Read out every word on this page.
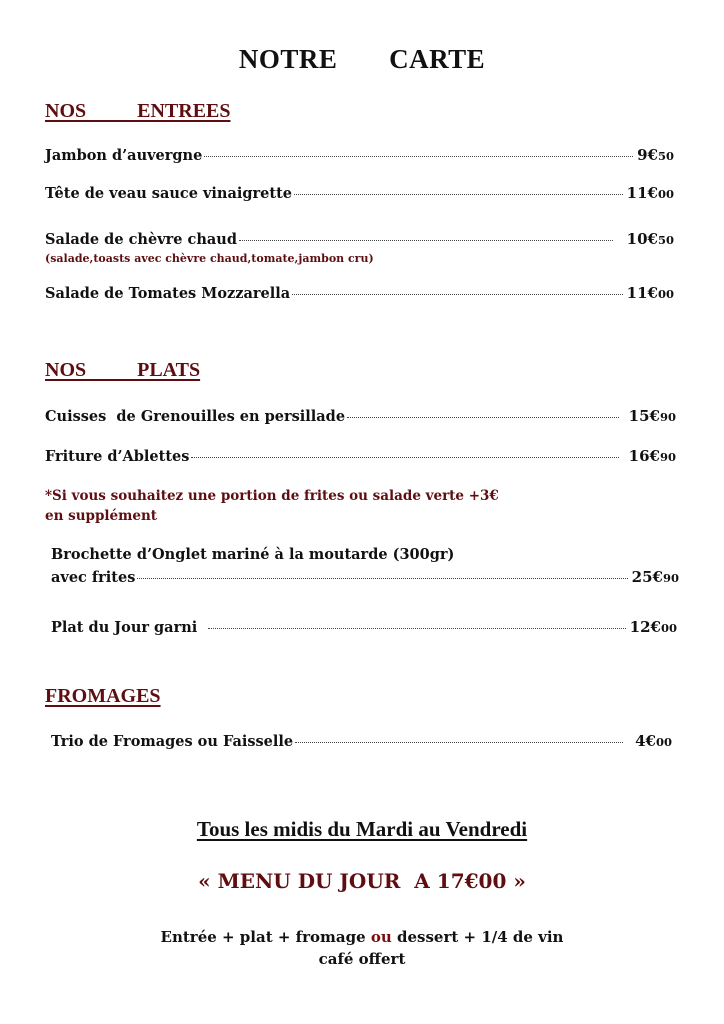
NOTRE   CARTE
NOS   ENTREES
Jambon d’auvergne	9€50
Tête de veau sauce vinaigrette	11€00
Salade de chèvre chaud	10€50
(salade,toasts avec chèvre chaud,tomate,jambon cru)
Salade de Tomates Mozzarella	11€00
NOS   PLATS
Cuisses  de Grenouilles en persillade	15€90
Friture d’Ablettes	16€90
*Si vous souhaitez une portion de frites ou salade verte +3€
en supplément
Brochette d’Onglet mariné à la moutarde (300gr)
avec frites	25€90
Plat du Jour garni	12€00
FROMAGES
Trio de Fromages ou Faisselle	4€00
Tous les midis du Mardi au Vendredi
« MENU DU JOUR  A 17€00 »
Entrée + plat + fromage ou dessert + 1/4 de vin
café offert
